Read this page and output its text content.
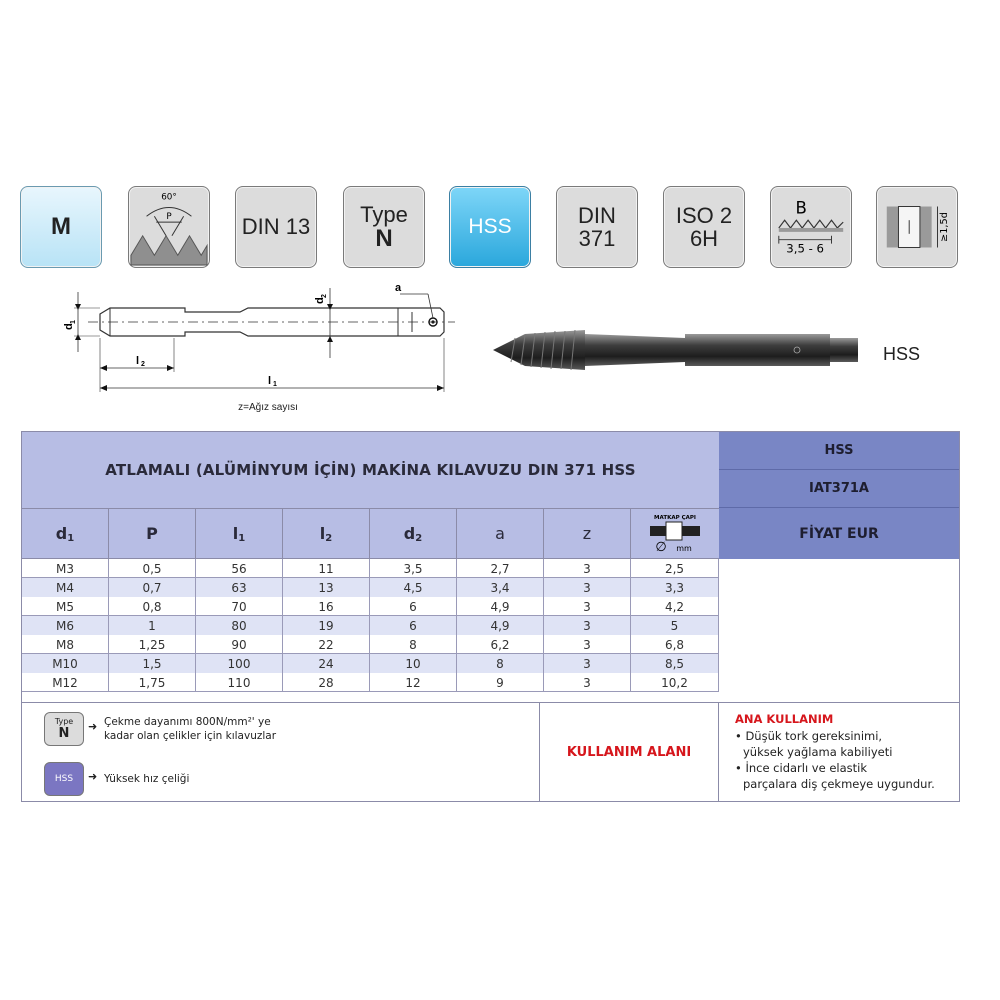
M
60°
P	DIN 13
Type
N	HSS	DIN
371
ISO 2
6H
B
3,5 - 6
≥1,5d
d
1
d
2
a
l 2
l 1
z=Ağız sayısı
HSS
ATLAMALI (ALÜMİNYUM İÇİN) MAKİNA KILAVUZU DIN 371 HSS
HSS
IAT371A
FİYAT EUR
$d_1$	P	$l_1$	$l_2$	$d_2$	a	z
MATKAP ÇAPI
∅ mm
M3	0,5	56	11	3,5	2,7	3	2,5
M4	0,7	63	13	4,5	3,4	3	3,3
M5	0,8	70	16	6	4,9	3	4,2
M6	1	80	19	6	4,9	3	5
M8	1,25	90	22	8	6,2	3	6,8
M10	1,5	100	24	10	8	3	8,5
M12	1,75	110	28	12	9	3	10,2
Type
N ➜ Çekme dayanımı 800N/mm²' ye
kadar olan çelikler için kılavuzlar
HSS ➜ Yüksek hız çeliği
KULLANIM ALANI
ANA KULLANIM
• Düşük tork gereksinimi,
yüksek yağlama kabiliyeti
• İnce cidarlı ve elastik
parçalara diş çekmeye uygundur.
